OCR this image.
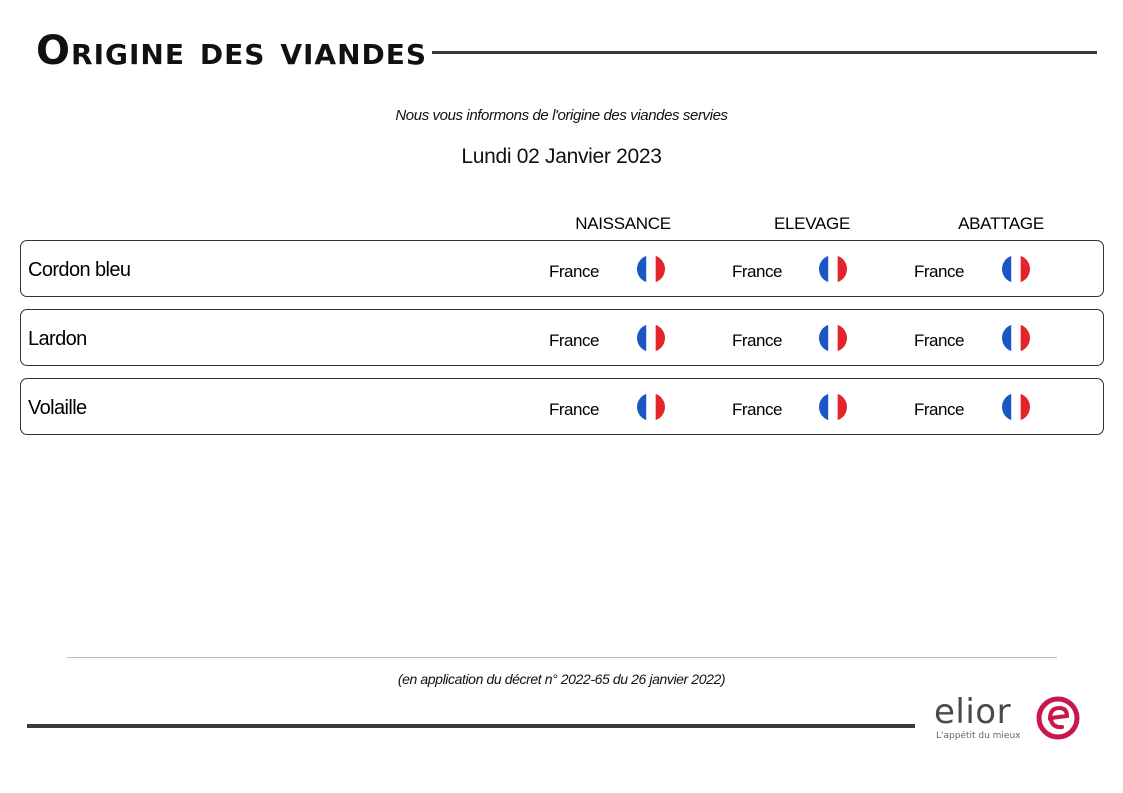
Origine des viandes
Nous vous informons de l'origine des viandes servies
Lundi 02 Janvier 2023
NAISSANCE	ELEVAGE	ABATTAGE
Cordon bleu	France	France	France
Lardon	France	France	France
Volaille	France	France	France
(en application du décret n° 2022-65 du 26 janvier 2022)
elior
L'appétit du mieux
